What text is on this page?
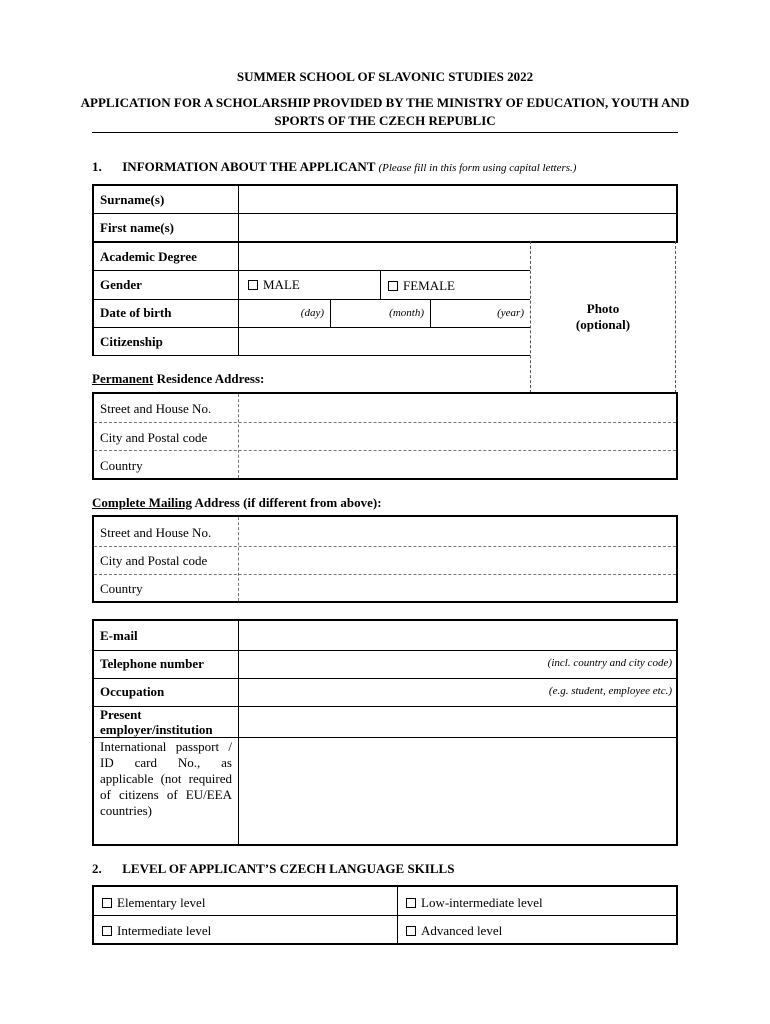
SUMMER SCHOOL OF SLAVONIC STUDIES 2022
APPLICATION FOR A SCHOLARSHIP PROVIDED BY THE MINISTRY OF EDUCATION, YOUTH AND SPORTS OF THE CZECH REPUBLIC
1. INFORMATION ABOUT THE APPLICANT (Please fill in this form using capital letters.)
Photo
(optional)
Surname(s)
First name(s)
Academic Degree
Gender	MALE	FEMALE
Date of birth	(day)	(month)	(year)
Citizenship
Permanent Residence Address:
Street and House No.
City and Postal code
Country
Complete Mailing Address (if different from above):
Street and House No.
City and Postal code
Country
E-mail
Telephone number	(incl. country and city code)
Occupation	(e.g. student, employee etc.)
Present employer/institution
International passport / ID card No., as applicable (not required of citizens of EU/EEA countries)
2. LEVEL OF APPLICANT’S CZECH LANGUAGE SKILLS
Elementary level	Low-intermediate level
Intermediate level	Advanced level
